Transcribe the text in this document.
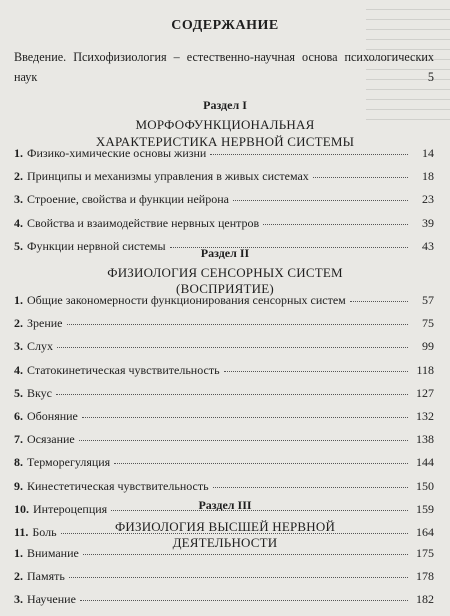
СОДЕРЖАНИЕ
Введение. Психофизиология – естественно-научная основа психологических
наук	5
Раздел I
МОРФОФУНКЦИОНАЛЬНАЯ
ХАРАКТЕРИСТИКА НЕРВНОЙ СИСТЕМЫ
1. Физико-химические основы жизни	14
2. Принципы и механизмы управления в живых системах	18
3. Строение, свойства и функции нейрона	23
4. Свойства и взаимодействие нервных центров	39
5. Функции нервной системы	43
Раздел II
ФИЗИОЛОГИЯ СЕНСОРНЫХ СИСТЕМ
(ВОСПРИЯТИЕ)
1. Общие закономерности функционирования сенсорных систем	57
2. Зрение	75
3. Слух	99
4. Статокинетическая чувствительность	118
5. Вкус	127
6. Обоняние	132
7. Осязание	138
8. Терморегуляция	144
9. Кинестетическая чувствительность	150
10. Интероцепция	159
11. Боль	164
Раздел III
ФИЗИОЛОГИЯ ВЫСШЕЙ НЕРВНОЙ
ДЕЯТЕЛЬНОСТИ
1. Внимание	175
2. Память	178
3. Научение	182
